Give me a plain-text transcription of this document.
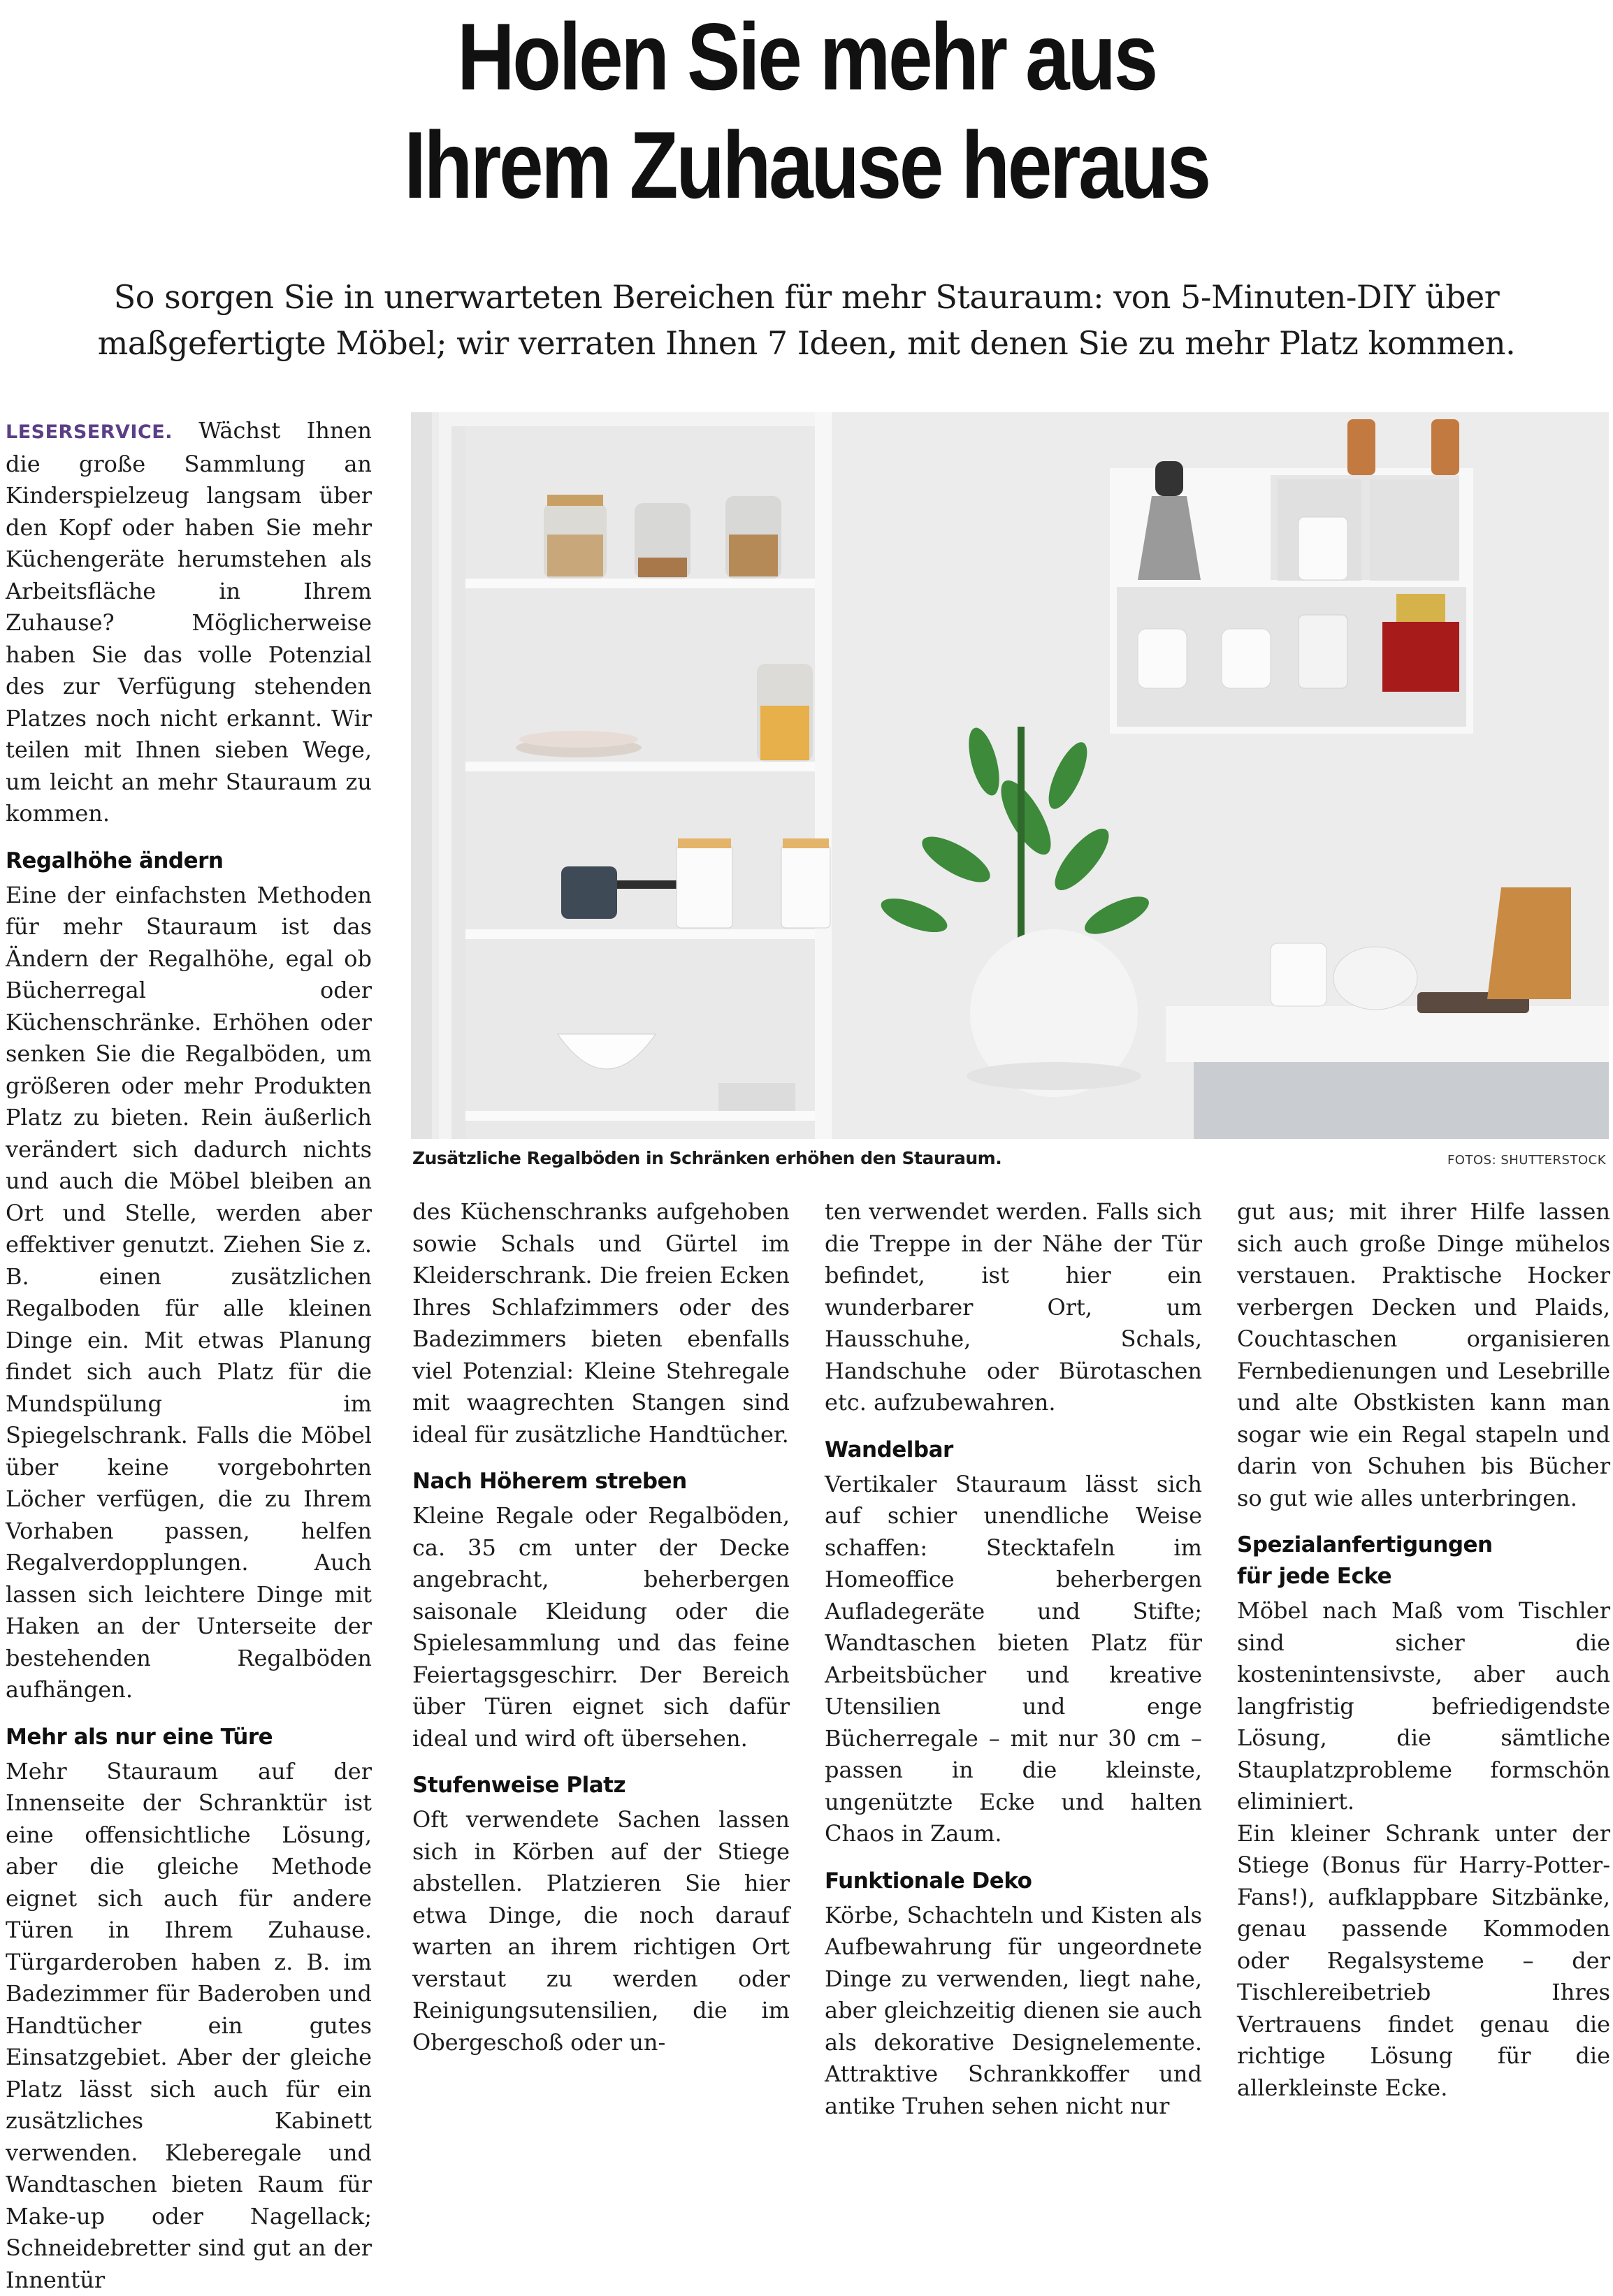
Holen Sie mehr aus
Ihrem Zuhause heraus
So sorgen Sie in unerwarteten Bereichen für mehr Stauraum: von 5-Minuten-DIY über
maßgefertigte Möbel; wir verraten Ihnen 7 Ideen, mit denen Sie zu mehr Platz kommen.

LESERSERVICE. Wächst Ihnen die große Sammlung an Kinderspielzeug langsam über den Kopf oder haben Sie mehr Küchengeräte herumstehen als Arbeitsfläche in Ihrem Zuhause? Möglicherweise haben Sie das volle Potenzial des zur Verfügung stehenden Platzes noch nicht erkannt. Wir teilen mit Ihnen sieben Wege, um leicht an mehr Stauraum zu kommen.

Regalhöhe ändern

Eine der einfachsten Methoden für mehr Stauraum ist das Ändern der Regalhöhe, egal ob Bücherregal oder Küchenschränke. Erhöhen oder senken Sie die Regalböden, um größeren oder mehr Produkten Platz zu bieten. Rein äußerlich verändert sich dadurch nichts und auch die Möbel bleiben an Ort und Stelle, werden aber effektiver genutzt. Ziehen Sie z. B. einen zusätzlichen Regalboden für alle kleinen Dinge ein. Mit etwas Planung findet sich auch Platz für die Mundspülung im Spiegelschrank. Falls die Möbel über keine vorgebohrten Löcher verfügen, die zu Ihrem Vorhaben passen, helfen Regalverdopplungen. Auch lassen sich leichtere Dinge mit Haken an der Unterseite der bestehenden Regalböden aufhängen.

Mehr als nur eine Türe

Mehr Stauraum auf der Innenseite der Schranktür ist eine offensichtliche Lösung, aber die gleiche Methode eignet sich auch für andere Türen in Ihrem Zuhause. Türgarderoben haben z. B. im Badezimmer für Baderoben und Handtücher ein gutes Einsatzgebiet. Aber der gleiche Platz lässt sich auch für ein zusätzliches Kabinett verwenden. Kleberegale und Wandtaschen bieten Raum für Make-up oder Nagellack; Schneidebretter sind gut an der Innentür

Zusätzliche Regalböden in Schränken erhöhen den Stauraum.	FOTOS: SHUTTERSTOCK

des Küchenschranks aufgehoben sowie Schals und Gürtel im Kleiderschrank. Die freien Ecken Ihres Schlafzimmers oder des Badezimmers bieten ebenfalls viel Potenzial: Kleine Stehregale mit waagrechten Stangen sind ideal für zusätzliche Handtücher.

Nach Höherem streben

Kleine Regale oder Regalböden, ca. 35 cm unter der Decke angebracht, beherbergen saisonale Kleidung oder die Spielesammlung und das feine Feiertagsgeschirr. Der Bereich über Türen eignet sich dafür ideal und wird oft übersehen.

Stufenweise Platz

Oft verwendete Sachen lassen sich in Körben auf der Stiege abstellen. Platzieren Sie hier etwa Dinge, die noch darauf warten an ihrem richtigen Ort verstaut zu werden oder Reinigungsutensilien, die im Obergeschoß oder un-

ten verwendet werden. Falls sich die Treppe in der Nähe der Tür befindet, ist hier ein wunderbarer Ort, um Hausschuhe, Schals, Handschuhe oder Bürotaschen etc. aufzubewahren.

Wandelbar

Vertikaler Stauraum lässt sich auf schier unendliche Weise schaffen: Stecktafeln im Homeoffice beherbergen Aufladegeräte und Stifte; Wandtaschen bieten Platz für Arbeitsbücher und kreative Utensilien und enge Bücherregale – mit nur 30 cm – passen in die kleinste, ungenützte Ecke und halten Chaos in Zaum.

Funktionale Deko

Körbe, Schachteln und Kisten als Aufbewahrung für ungeordnete Dinge zu verwenden, liegt nahe, aber gleichzeitig dienen sie auch als dekorative Designelemente. Attraktive Schrankkoffer und antike Truhen sehen nicht nur

gut aus; mit ihrer Hilfe lassen sich auch große Dinge mühelos verstauen. Praktische Hocker verbergen Decken und Plaids, Couchtaschen organisieren Fernbedienungen und Lesebrille und alte Obstkisten kann man sogar wie ein Regal stapeln und darin von Schuhen bis Bücher so gut wie alles unterbringen.

Spezialanfertigungen
für jede Ecke

Möbel nach Maß vom Tischler sind sicher die kostenintensivste, aber auch langfristig befriedigendste Lösung, die sämtliche Stauplatzprobleme formschön eliminiert.

Ein kleiner Schrank unter der Stiege (Bonus für Harry-Potter-Fans!), aufklappbare Sitzbänke, genau passende Kommoden oder Regalsysteme – der Tischlereibetrieb Ihres Vertrauens findet genau die richtige Lösung für die allerkleinste Ecke.
